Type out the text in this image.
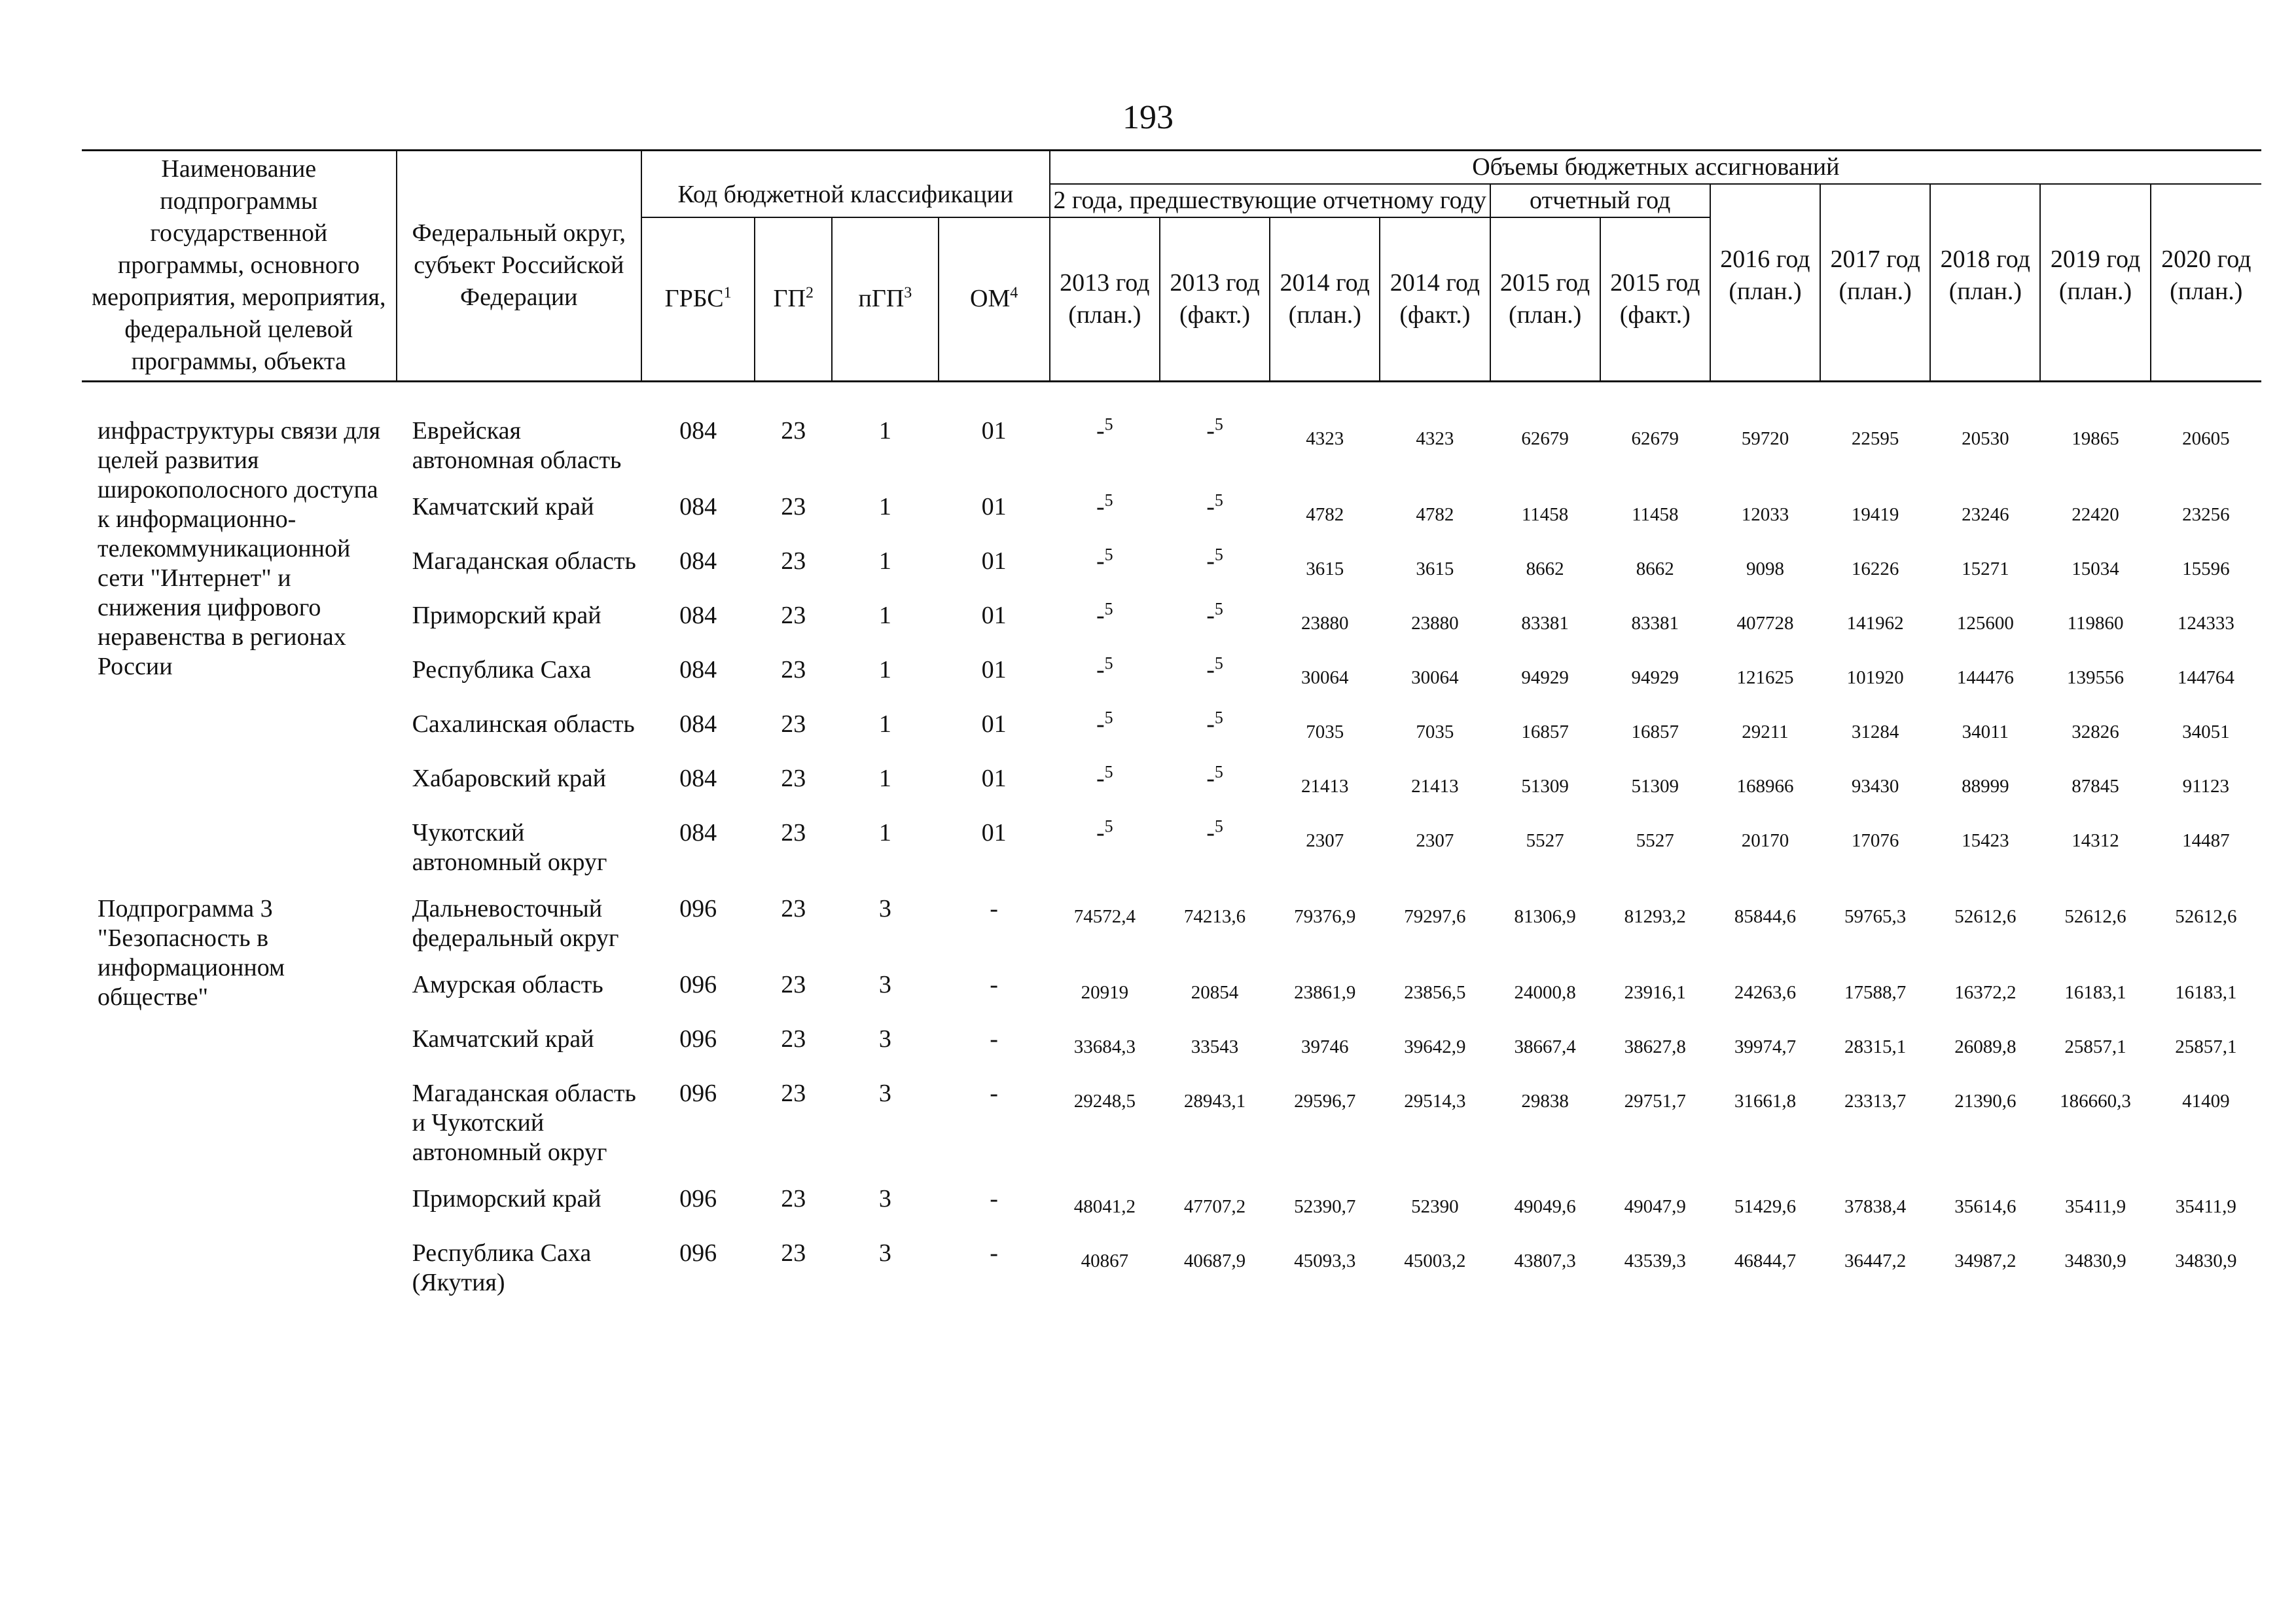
193
Наименование подпрограммы государственной программы, основного мероприятия, мероприятия, федеральной целевой программы, объекта	Федеральный округ, субъект Российской Федерации	Код бюджетной классификации				Объемы бюджетных ассигнований										
						2 года, предшествующие отчетному году				отчетный год		2016 год (план.)	2017 год (план.)	2018 год (план.)	2019 год (план.)	2020 год (план.)
		ГРБС$^1$	$ГП^2$	пГП$^3$	$ОМ^4$	2013 год (план.)	2013 год (факт.)	2014 год (план.)	2014 год (факт.)	2015 год (план.)	2015 год (факт.)					
инфраструктуры связи для целей развития широкополосного доступа к информационно-телекоммуникационной сети "Интернет" и снижения цифрового неравенства в регионах России	Еврейская автономная область	084	23	1	01	-$^5$	-$^5$	4323	4323	62679	62679	59720	22595	20530	19865	20605
	Камчатский край	084	23	1	01	-$^5$	-$^5$	4782	4782	11458	11458	12033	19419	23246	22420	23256
	Магаданская область	084	23	1	01	-$^5$	-$^5$	3615	3615	8662	8662	9098	16226	15271	15034	15596
	Приморский край	084	23	1	01	-$^5$	-$^5$	23880	23880	83381	83381	407728	141962	125600	119860	124333
	Республика Саха	084	23	1	01	-$^5$	-$^5$	30064	30064	94929	94929	121625	101920	144476	139556	144764
	Сахалинская область	084	23	1	01	-$^5$	-$^5$	7035	7035	16857	16857	29211	31284	34011	32826	34051
	Хабаровский край	084	23	1	01	-$^5$	-$^5$	21413	21413	51309	51309	168966	93430	88999	87845	91123
	Чукотский автономный округ	084	23	1	01	-$^5$	-$^5$	2307	2307	5527	5527	20170	17076	15423	14312	14487
Подпрограмма 3 "Безопасность в информационном обществе"	Дальневосточный федеральный округ	096	23	3	-	74572,4	74213,6	79376,9	79297,6	81306,9	81293,2	85844,6	59765,3	52612,6	52612,6	52612,6
	Амурская область	096	23	3	-	20919	20854	23861,9	23856,5	24000,8	23916,1	24263,6	17588,7	16372,2	16183,1	16183,1
	Камчатский край	096	23	3	-	33684,3	33543	39746	39642,9	38667,4	38627,8	39974,7	28315,1	26089,8	25857,1	25857,1
	Магаданская область и Чукотский автономный округ	096	23	3	-	29248,5	28943,1	29596,7	29514,3	29838	29751,7	31661,8	23313,7	21390,6	186660,3	41409
	Приморский край	096	23	3	-	48041,2	47707,2	52390,7	52390	49049,6	49047,9	51429,6	37838,4	35614,6	35411,9	35411,9
	Республика Саха (Якутия)	096	23	3	-	40867	40687,9	45093,3	45003,2	43807,3	43539,3	46844,7	36447,2	34987,2	34830,9	34830,9
